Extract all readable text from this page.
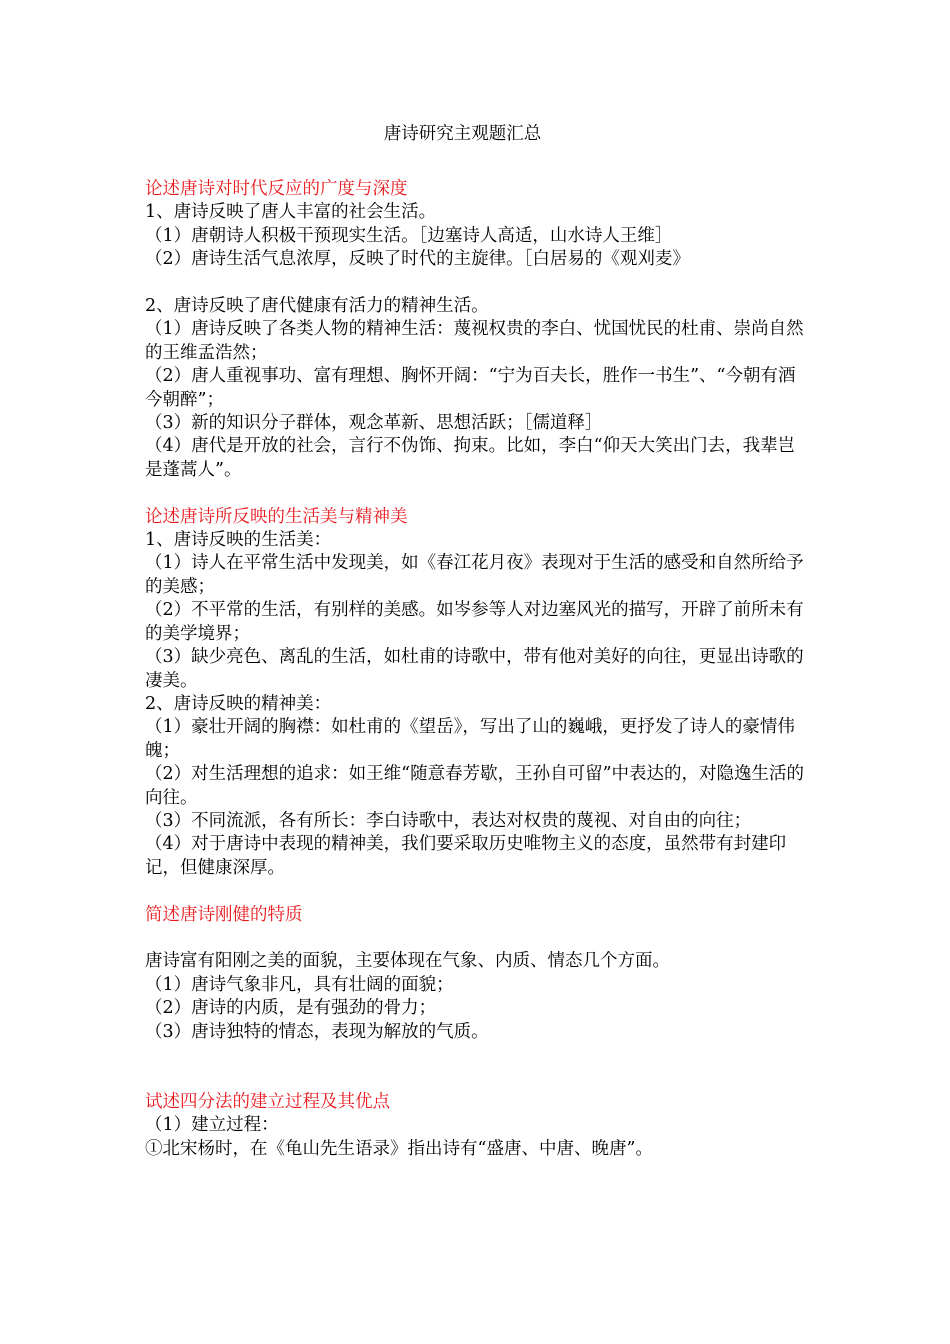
唐诗研究主观题汇总

论述唐诗对时代反应的广度与深度

1、唐诗反映了唐人丰富的社会生活。

（1）唐朝诗人积极干预现实生活。［边塞诗人高适，山水诗人王维］

（2）唐诗生活气息浓厚，反映了时代的主旋律。［白居易的《观刈麦》

2、唐诗反映了唐代健康有活力的精神生活。

（1）唐诗反映了各类人物的精神生活：蔑视权贵的李白、忧国忧民的杜甫、崇尚自然的王维孟浩然；

（2）唐人重视事功、富有理想、胸怀开阔：“宁为百夫长，胜作一书生”、“今朝有酒今朝醉”；

（3）新的知识分子群体，观念革新、思想活跃；［儒道释］

（4）唐代是开放的社会，言行不伪饰、拘束。比如，李白“仰天大笑出门去，我辈岂是蓬蒿人”。

论述唐诗所反映的生活美与精神美

1、唐诗反映的生活美：

（1）诗人在平常生活中发现美，如《春江花月夜》表现对于生活的感受和自然所给予的美感；

（2）不平常的生活，有别样的美感。如岑参等人对边塞风光的描写，开辟了前所未有的美学境界；

（3）缺少亮色、离乱的生活，如杜甫的诗歌中，带有他对美好的向往，更显出诗歌的凄美。

2、唐诗反映的精神美：

（1）豪壮开阔的胸襟：如杜甫的《望岳》，写出了山的巍峨，更抒发了诗人的豪情伟魄；

（2）对生活理想的追求：如王维“随意春芳歇，王孙自可留”中表达的，对隐逸生活的向往。

（3）不同流派，各有所长：李白诗歌中，表达对权贵的蔑视、对自由的向往；

（4）对于唐诗中表现的精神美，我们要采取历史唯物主义的态度，虽然带有封建印记，但健康深厚。

简述唐诗刚健的特质

唐诗富有阳刚之美的面貌，主要体现在气象、内质、情态几个方面。

（1）唐诗气象非凡，具有壮阔的面貌；

（2）唐诗的内质，是有强劲的骨力；

（3）唐诗独特的情态，表现为解放的气质。

试述四分法的建立过程及其优点

（1）建立过程：

①北宋杨时，在《龟山先生语录》指出诗有“盛唐、中唐、晚唐”。
